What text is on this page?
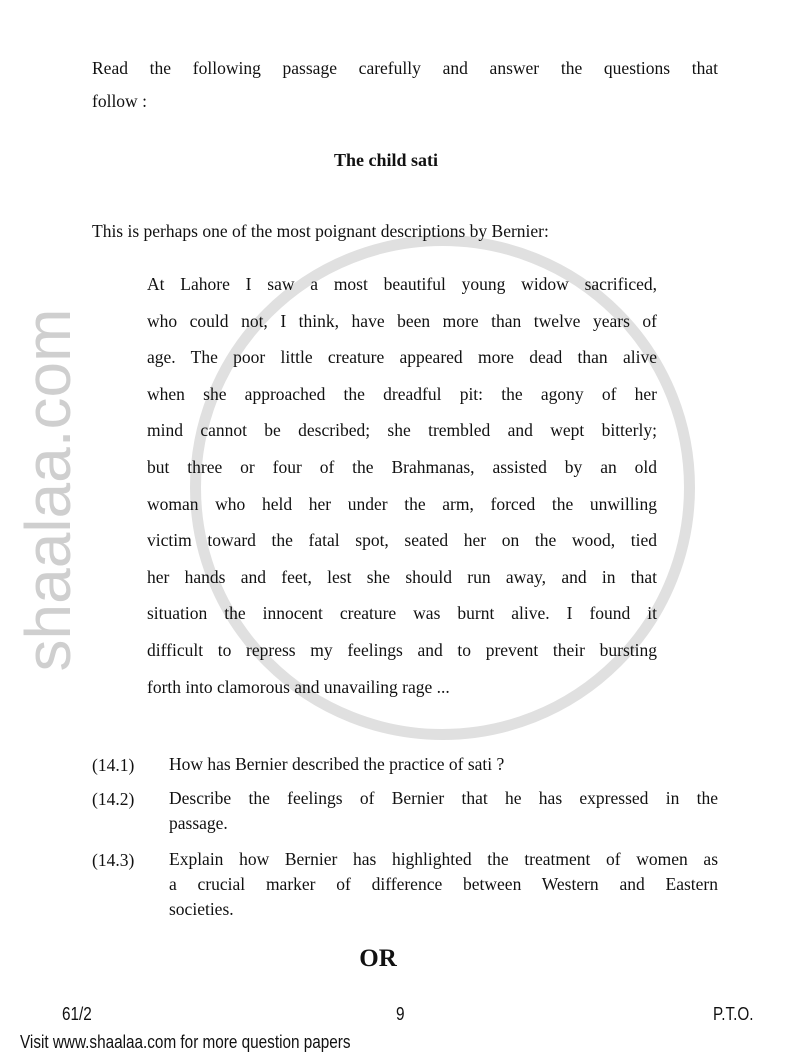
shaalaa.com
Read the following passage carefully and answer the questions that
follow :
The child sati
This is perhaps one of the most poignant descriptions by Bernier:
At Lahore I saw a most beautiful young widow sacrificed,
who could not, I think, have been more than twelve years of
age. The poor little creature appeared more dead than alive
when she approached the dreadful pit: the agony of her
mind cannot be described; she trembled and wept bitterly;
but three or four of the Brahmanas, assisted by an old
woman who held her under the arm, forced the unwilling
victim toward the fatal spot, seated her on the wood, tied
her hands and feet, lest she should run away, and in that
situation the innocent creature was burnt alive. I found it
difficult to repress my feelings and to prevent their bursting
forth into clamorous and unavailing rage ...
(14.1) How has Bernier described the practice of sati ?
(14.2) Describe the feelings of Bernier that he has expressed in the
passage.
(14.3) Explain how Bernier has highlighted the treatment of women as
a crucial marker of difference between Western and Eastern
societies.
OR
61/2	9	P.T.O.
Visit www.shaalaa.com for more question papers
